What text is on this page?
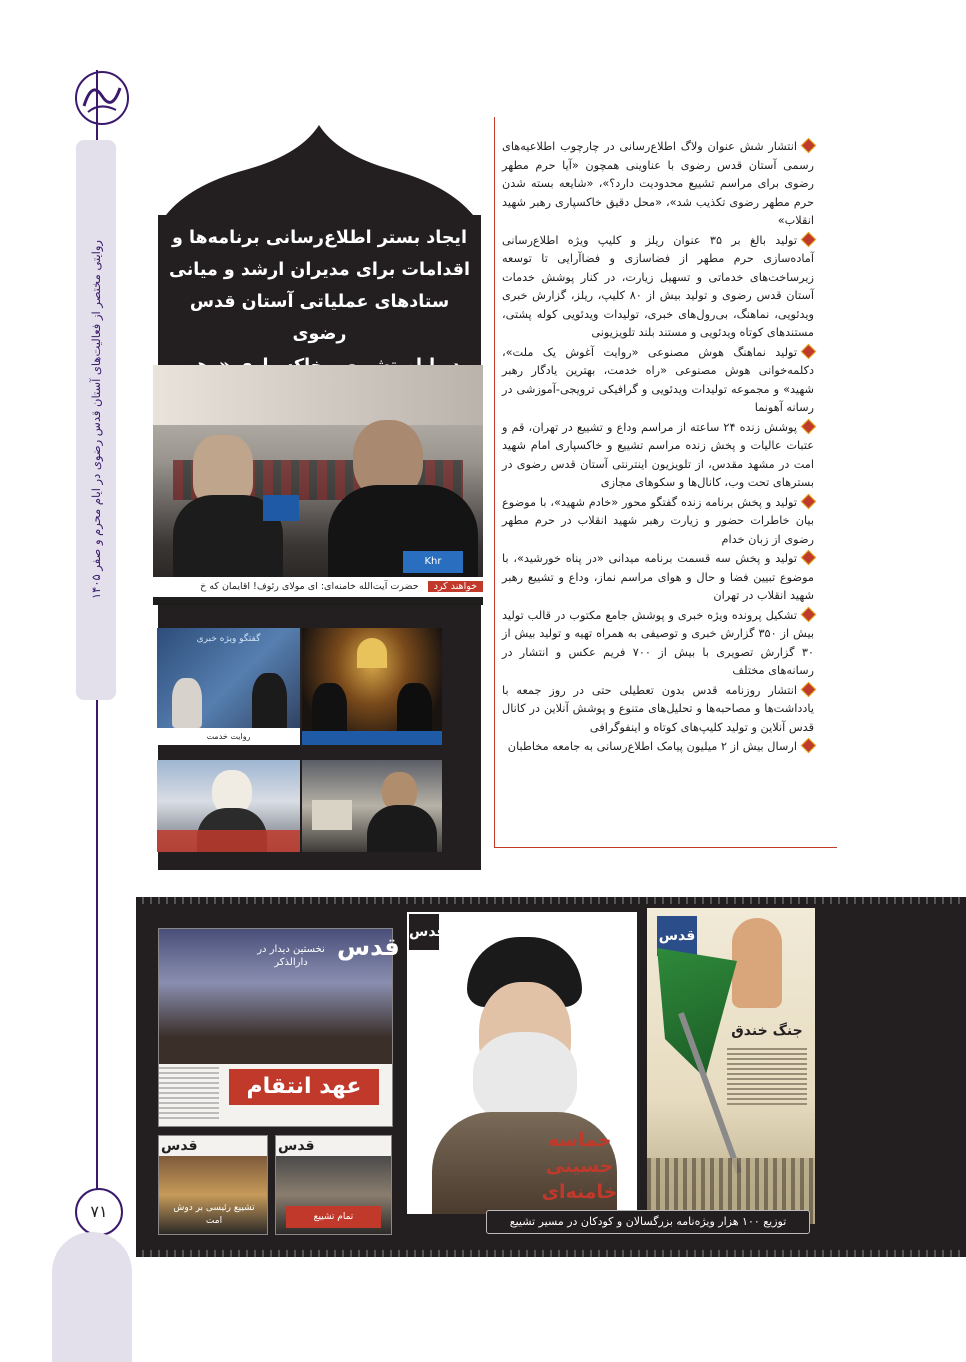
روایتی مختصر از فعالیت‌های آستان قدس رضوی در ایام محرم و صفر ۱۴۰۵
۷۱
ایجاد بستر اطلاع‌رسانی برنامه‌ها و
اقدامات برای مدیران ارشد و میانی
ستادهای عملیاتی آستان قدس رضوی
Khr
خواهند کرد حضرت آیت‌الله خامنه‌ای: ای مولای رئوف! اقایمان که خ
گفتگو ویژه خبری
روایت خدمت
انتشار شش عنوان ولاگ اطلاع‌رسانی در چارچوب اطلاعیه‌های رسمی آستان قدس رضوی با عناوینی همچون «آیا حرم مطهر رضوی برای مراسم تشییع محدودیت دارد؟»، «شایعه بسته شدن حرم مطهر رضوی تکذیب شد»، «محل دقیق خاکسپاری رهبر شهید انقلاب»
تولید بالغ بر ۳۵ عنوان ریلز و کلیپ ویژه اطلاع‌رسانی آماده‌سازی حرم مطهر از فضاسازی و فضاآرایی تا توسعه زیرساخت‌های خدماتی و تسهیل زیارت، در کنار پوشش خدمات آستان قدس رضوی و تولید بیش از ۸۰ کلیپ، ریلز، گزارش خبری ویدئویی، نماهنگ، بی‌رول‌های خبری، تولیدات ویدئویی کوله پشتی، مستندهای کوتاه ویدئویی و مستند بلند تلویزیونی
تولید نماهنگ هوش مصنوعی «روایت آغوش یک ملت»، دکلمه‌خوانی هوش مصنوعی «راه خدمت، بهترین یادگار رهبر شهید» و مجموعه تولیدات ویدئویی و گرافیکی ترویجی-آموزشی در رسانه آهونما
پوشش زنده ۲۴ ساعته از مراسم وداع و تشییع در تهران، قم و عتبات عالیات و پخش زنده مراسم تشییع و خاکسپاری امام شهید امت در مشهد مقدس، از تلویزیون اینترنتی آستان قدس رضوی در بسترهای تحت وب، کانال‌ها و سکوهای مجازی
تولید و پخش برنامه زنده گفتگو محور «خادم شهید»، با موضوع بیان خاطرات حضور و زیارت رهبر شهید انقلاب در حرم مطهر رضوی از زبان خدام
تولید و پخش سه قسمت برنامه میدانی «در پناه خورشید»، با موضوع تبیین فضا و حال و هوای مراسم نماز، وداع و تشییع رهبر شهید انقلاب در تهران
تشکیل پرونده ویژه خبری و پوشش جامع مکتوب در قالب تولید بیش از ۳۵۰ گزارش خبری و توصیفی به همراه تهیه و تولید بیش از ۳۰ گزارش تصویری با بیش از ۷۰۰ فریم عکس و انتشار در رسانه‌های مختلف
انتشار روزنامه قدس بدون تعطیلی حتی در روز جمعه با یادداشت‌ها و مصاحبه‌ها و تحلیل‌های متنوع و پوشش آنلاین در کانال قدس آنلاین و تولید کلیپ‌های کوتاه و اینفوگرافی
ارسال بیش از ۲ میلیون پیامک اطلاع‌رسانی به جامعه مخاطبان
قدس
نخستین دیدار در دارالذکر
عهد انتقام
قدس
تشییع رئیسی بر دوش امت
قدس
تمام تشییع
قدس
حماسه حسینی خامنه‌ای
قدس
جنگ خندق
توزیع ۱۰۰ هزار ویژه‌نامه بزرگسالان و کودکان در مسیر تشییع
